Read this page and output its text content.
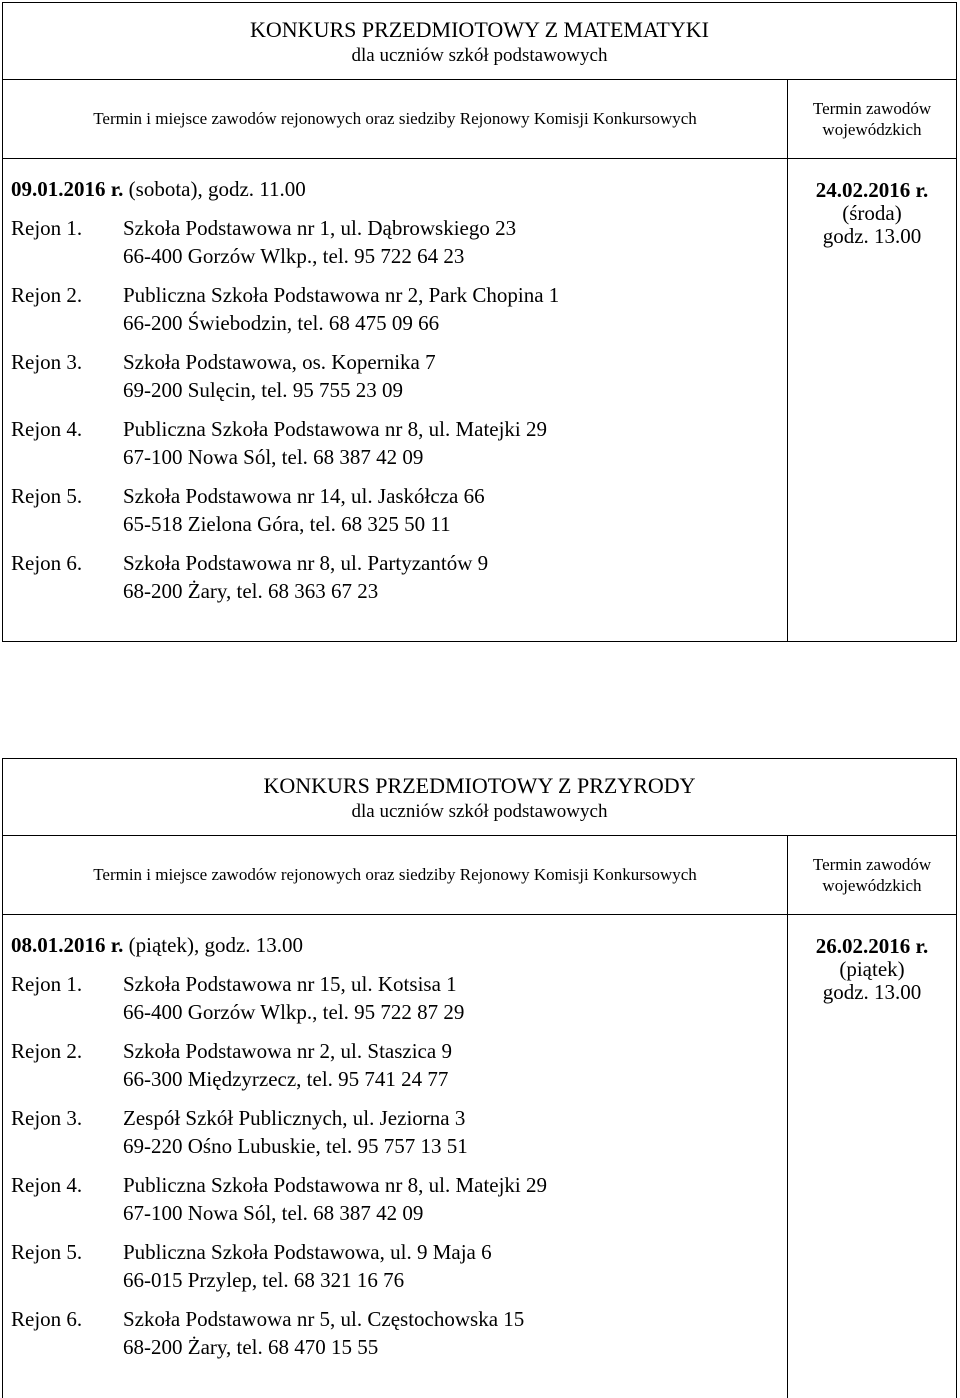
KONKURS PRZEDMIOTOWY Z MATEMATYKI
dla uczniów szkół podstawowych
Termin i miejsce zawodów rejonowych oraz siedziby Rejonowy Komisji Konkursowych
Termin zawodów
wojewódzkich
09.01.2016 r. (sobota), godz. 11.00
Rejon 1.	Szkoła Podstawowa nr 1, ul. Dąbrowskiego 23
66-400 Gorzów Wlkp., tel. 95 722 64 23
Rejon 2.	Publiczna Szkoła Podstawowa nr 2, Park Chopina 1
66-200 Świebodzin, tel. 68 475 09 66
Rejon 3.	Szkoła Podstawowa, os. Kopernika 7
69-200 Sulęcin, tel. 95 755 23 09
Rejon 4.	Publiczna Szkoła Podstawowa nr 8, ul. Matejki 29
67-100 Nowa Sól, tel. 68 387 42 09
Rejon 5.	Szkoła Podstawowa nr 14, ul. Jaskółcza 66
65-518 Zielona Góra, tel. 68 325 50 11
Rejon 6.	Szkoła Podstawowa nr 8, ul. Partyzantów 9
68-200 Żary, tel. 68 363 67 23
24.02.2016 r.
(środa)
godz. 13.00
KONKURS PRZEDMIOTOWY Z PRZYRODY
dla uczniów szkół podstawowych
Termin i miejsce zawodów rejonowych oraz siedziby Rejonowy Komisji Konkursowych
Termin zawodów
wojewódzkich
08.01.2016 r. (piątek), godz. 13.00
Rejon 1.	Szkoła Podstawowa nr 15, ul. Kotsisa 1
66-400 Gorzów Wlkp., tel. 95 722 87 29
Rejon 2.	Szkoła Podstawowa nr 2, ul. Staszica 9
66-300 Międzyrzecz, tel. 95 741 24 77
Rejon 3.	Zespół Szkół Publicznych, ul. Jeziorna 3
69-220 Ośno Lubuskie, tel. 95 757 13 51
Rejon 4.	Publiczna Szkoła Podstawowa nr 8, ul. Matejki 29
67-100 Nowa Sól, tel. 68 387 42 09
Rejon 5.	Publiczna Szkoła Podstawowa, ul. 9 Maja 6
66-015 Przylep, tel. 68 321 16 76
Rejon 6.	Szkoła Podstawowa nr 5, ul. Częstochowska 15
68-200 Żary, tel. 68 470 15 55
26.02.2016 r.
(piątek)
godz. 13.00
